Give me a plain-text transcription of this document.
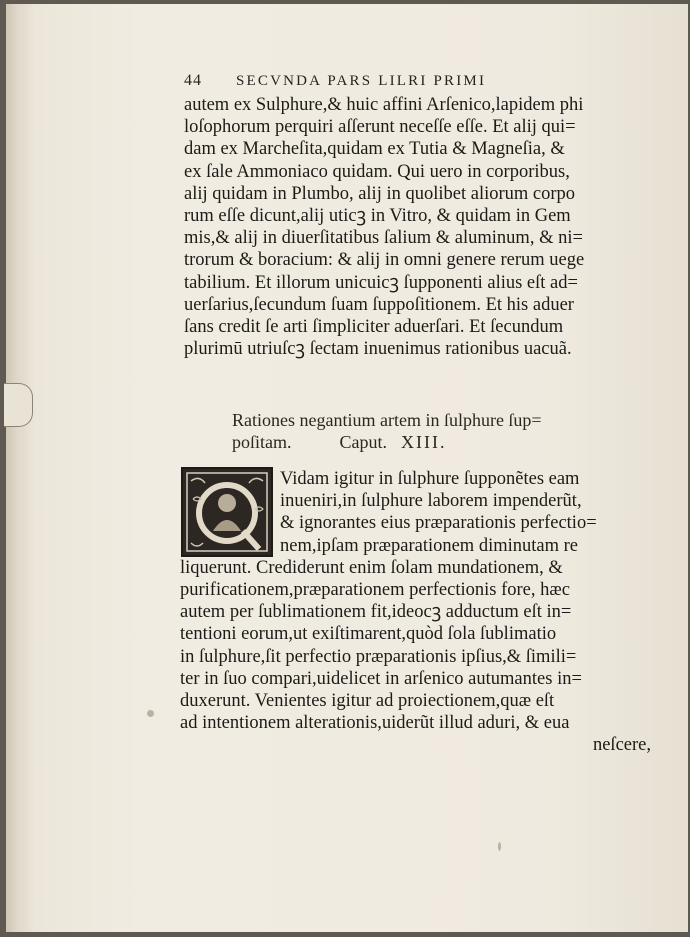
44 SECVNDA PARS LILRI PRIMI
autem ex Sulphure,& huic affini Arſenico,lapidem phi
loſophorum perquiri aſſerunt neceſſe eſſe. Et alij qui=
dam ex Marcheſita,quidam ex Tutia & Magneſia, &
ex ſale Ammoniaco quidam. Qui uero in corporibus,
alij quidam in Plumbo, alij in quolibet aliorum corpo
rum eſſe dicunt,alij uticꝫ in Vitro, & quidam in Gem
mis,& alij in diuerſitatibus ſalium & aluminum, & ni=
trorum & boracium: & alij in omni genere rerum uege
tabilium. Et illorum unicuicꝫ ſupponenti alius eſt ad=
uerſarius,ſecundum ſuam ſuppoſitionem. Et his aduer
ſans credit ſe arti ſimpliciter aduerſari. Et ſecundum
plurimū utriuſcꝫ ſectam inuenimus rationibus uacuã.
Rationes negantium artem in ſulphure ſup=
poſitam.	Caput. XIII.
Vidam igitur in ſulphure ſupponẽtes eam
inueniri,in ſulphure laborem impenderũt,
& ignorantes eius præparationis perfectio=
nem,ipſam præparationem diminutam re
liquerunt. Crediderunt enim ſolam mundationem, &
purificationem,præparationem perfectionis fore, hæc
autem per ſublimationem fit,ideocꝫ adductum eſt in=
tentioni eorum,ut exiſtimarent,quòd ſola ſublimatio
in ſulphure,ſit perfectio præparationis ipſius,& ſimili=
ter in ſuo compari,uidelicet in arſenico autumantes in=
duxerunt. Venientes igitur ad proiectionem,quæ eſt
ad intentionem alterationis,uiderũt illud aduri, & eua
neſcere,
